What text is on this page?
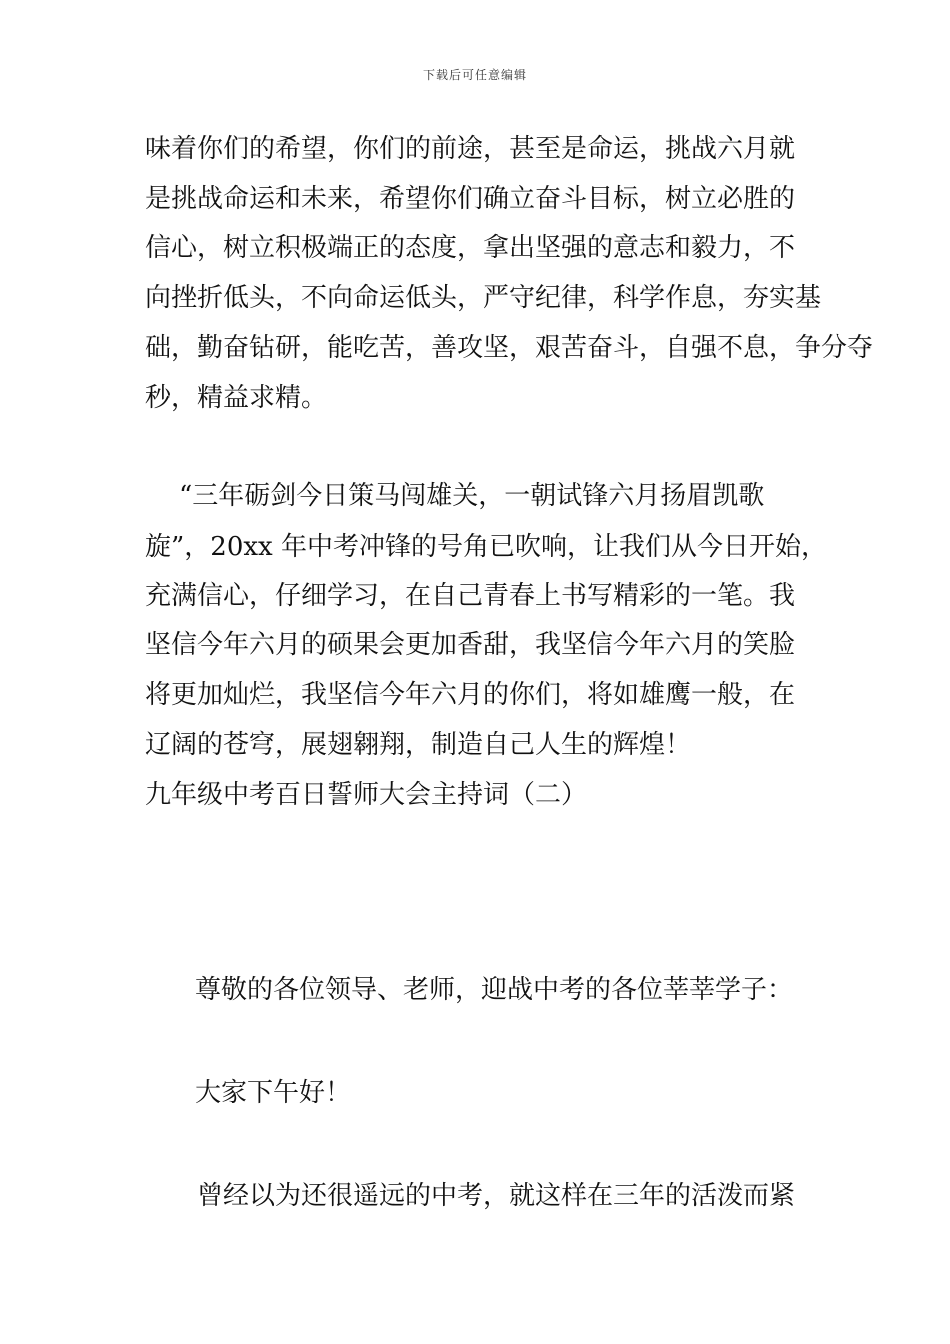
下载后可任意编辑
味着你们的希望，你们的前途，甚至是命运，挑战六月就
是挑战命运和未来，希望你们确立奋斗目标，树立必胜的
信心，树立积极端正的态度，拿出坚强的意志和毅力，不
向挫折低头，不向命运低头，严守纪律，科学作息，夯实基
础，勤奋钻研，能吃苦，善攻坚，艰苦奋斗，自强不息，争分夺
秒，精益求精。
“三年砺剑今日策马闯雄关，一朝试锋六月扬眉凯歌
旋”，20xx 年中考冲锋的号角已吹响，让我们从今日开始，
充满信心，仔细学习，在自己青春上书写精彩的一笔。我
坚信今年六月的硕果会更加香甜，我坚信今年六月的笑脸
将更加灿烂，我坚信今年六月的你们，将如雄鹰一般，在
辽阔的苍穹，展翅翱翔，制造自己人生的辉煌！
九年级中考百日誓师大会主持词（二）
尊敬的各位领导、老师，迎战中考的各位莘莘学子：
大家下午好！
曾经以为还很遥远的中考，就这样在三年的活泼而紧
